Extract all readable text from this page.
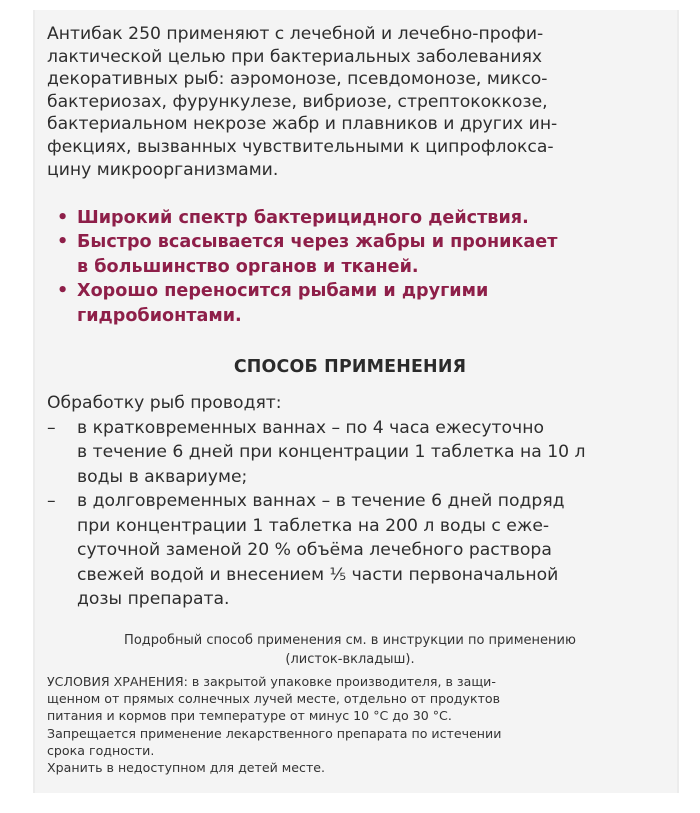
Антибак 250 применяют с лечебной и лечебно-профи-
лактической целью при бактериальных заболеваниях
декоративных рыб: аэромонозе, псевдомонозе, миксо-
бактериозах, фурункулезе, вибриозе, стрептококкозе,
бактериальном некрозе жабр и плавников и других ин-
фекциях, вызванных чувствительными к ципрофлокса-
цину микроорганизмами.
• Широкий спектр бактерицидного действия.
• Быстро всасывается через жабры и проникает
в большинство органов и тканей.
• Хорошо переносится рыбами и другими
гидробионтами.
СПОСОБ ПРИМЕНЕНИЯ
Обработку рыб проводят:
–	в кратковременных ваннах – по 4 часа ежесуточно
в течение 6 дней при концентрации 1 таблетка на 10 л
воды в аквариуме;
–	в долговременных ваннах – в течение 6 дней подряд
при концентрации 1 таблетка на 200 л воды с еже-
суточной заменой 20 % объёма лечебного раствора
свежей водой и внесением ⅕ части первоначальной
дозы препарата.
Подробный способ применения см. в инструкции по применению
(листок-вкладыш).
УСЛОВИЯ ХРАНЕНИЯ: в закрытой упаковке производителя, в защи-
щенном от прямых солнечных лучей месте, отдельно от продуктов
питания и кормов при температуре от минус 10 °С до 30 °С.
Запрещается применение лекарственного препарата по истечении
срока годности.
Хранить в недоступном для детей месте.
